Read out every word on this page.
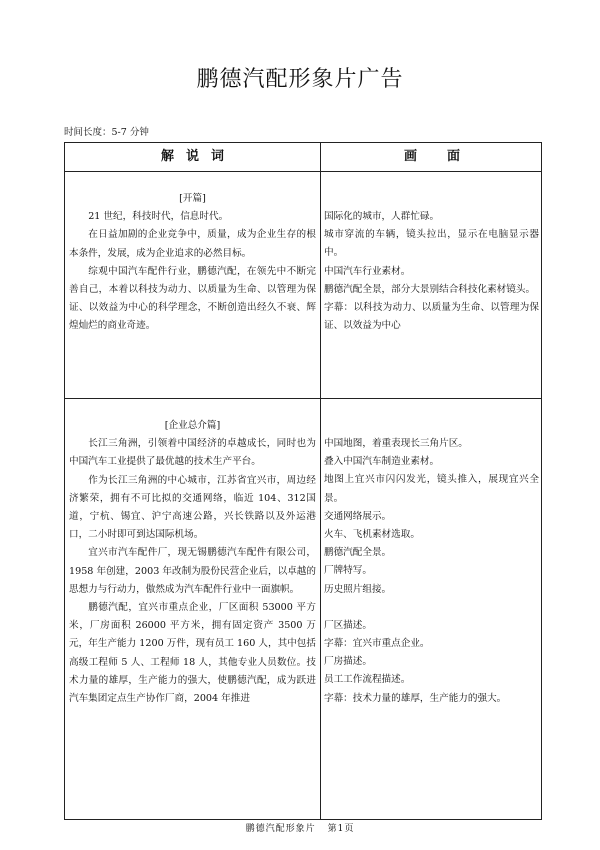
鹏德汽配形象片广告
时间长度：5-7 分钟
解说词	画面

[开篇]

21 世纪，科技时代，信息时代。

在日益加剧的企业竞争中，质量，成为企业生存的根本条件，发展，成为企业追求的必然目标。

综观中国汽车配件行业，鹏德汽配，在领先中不断完善自己，本着以科技为动力、以质量为生命、以管理为保证、以效益为中心的科学理念，不断创造出经久不衰、辉煌灿烂的商业奇迹。

国际化的城市，人群忙碌。

城市穿流的车辆，镜头拉出，显示在电脑显示器中。

中国汽车行业素材。

鹏德汽配全景，部分大景别结合科技化素材镜头。

字幕：以科技为动力、以质量为生命、以管理为保证、以效益为中心

[企业总介篇]

长江三角洲，引领着中国经济的卓越成长，同时也为中国汽车工业提供了最优越的技术生产平台。

作为长江三角洲的中心城市，江苏省宜兴市，周边经济繁荣，拥有不可比拟的交通网络，临近 104、312国道，宁杭、锡宜、沪宁高速公路，兴长铁路以及外运港口，二小时即可到达国际机场。

宜兴市汽车配件厂，现无锡鹏德汽车配件有限公司，1958 年创建，2003 年改制为股份民营企业后，以卓越的思想力与行动力，傲然成为汽车配件行业中一面旗帜。

鹏德汽配，宜兴市重点企业，厂区面积 53000 平方米，厂房面积 26000 平方米，拥有固定资产 3500 万元，年生产能力 1200 万件，现有员工 160 人，其中包括高级工程师 5 人、工程师 18 人，其他专业人员数位。技术力量的雄厚，生产能力的强大，使鹏德汽配，成为跃进汽车集团定点生产协作厂商，2004 年推进

中国地图，着重表现长三角片区。

叠入中国汽车制造业素材。

地图上宜兴市闪闪发光，镜头推入，展现宜兴全景。

交通网络展示。

火车、飞机素材选取。

鹏德汽配全景。

厂牌特写。

历史照片组接。

厂区描述。

字幕：宜兴市重点企业。

厂房描述。

员工工作流程描述。

字幕：技术力量的雄厚，生产能力的强大。

鹏德汽配形象片 第1页
